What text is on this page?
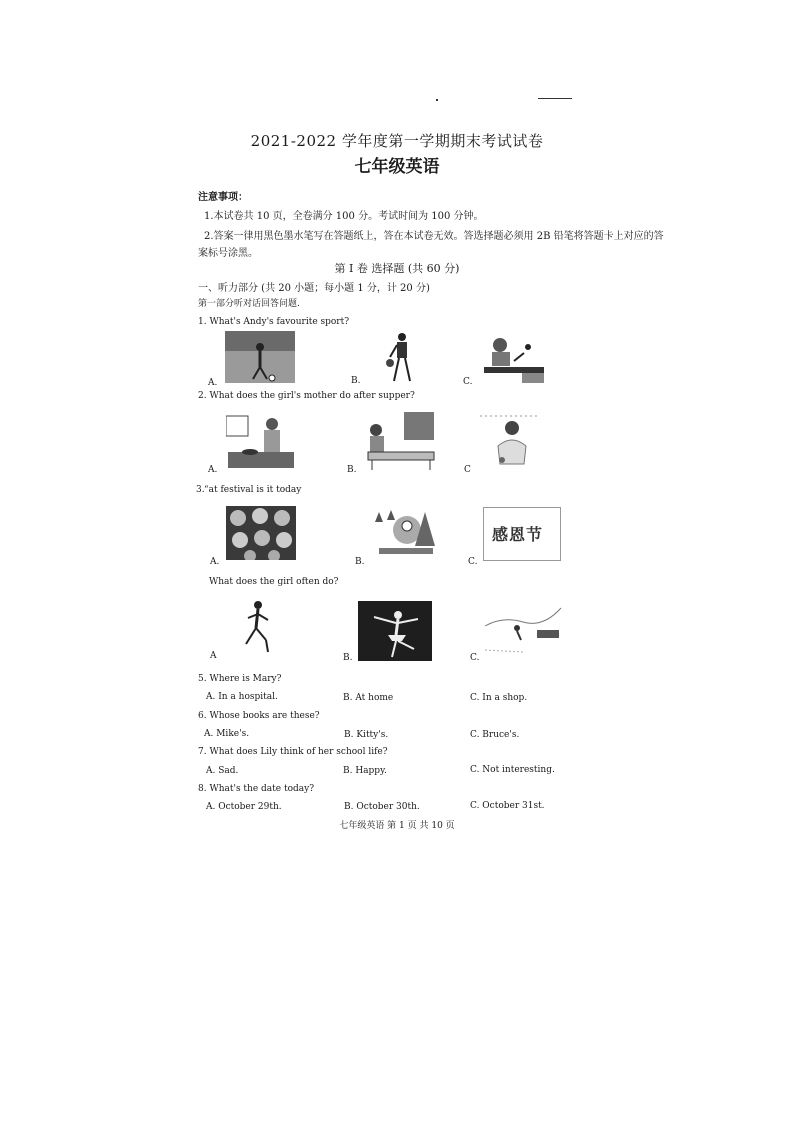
2021-2022 学年度第一学期期末考试试卷
七年级英语
注意事项：
1.本试卷共 10 页，全卷满分 100 分。考试时间为 100 分钟。
2.答案一律用黑色墨水笔写在答题纸上，答在本试卷无效。答选择题必须用 2B 铅笔将答题卡上对应的答
案标号涂黑。
第 I 卷 选择题 (共 60 分)
一、听力部分 (共 20 小题；每小题 1 分，计 20 分)
第一部分听对话回答问题.
1. What's Andy's favourite sport?
A.	B.	C.
2. What does the girl's mother do after supper?
A.	B.	C
3. “at festival is it today
A.	B.
感恩节
C.
What does the girl often do?
A	B.	C.
5. Where is Mary?
A. In a hospital.	B. At home	C. In a shop.
6. Whose books are these?
A. Mike's.	B. Kitty's.	C. Bruce's.
7. What does Lily think of her school life?
A. Sad.	B. Happy.	C. Not interesting.
8. What's the date today?
A. October 29th.	B. October 30th.	C. October 31st.
七年级英语 第 1 页 共 10 页
